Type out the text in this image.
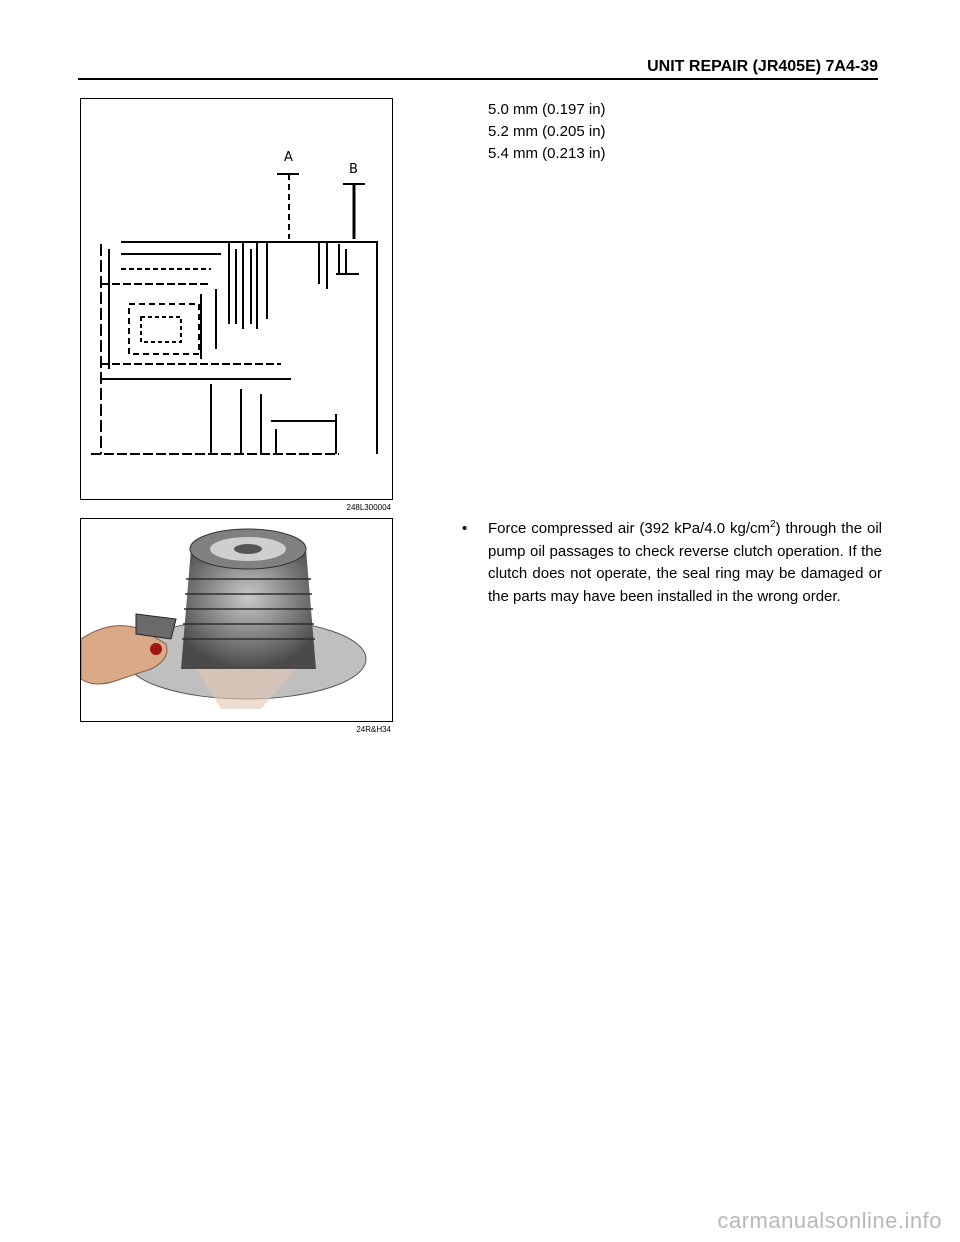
UNIT REPAIR (JR405E) 7A4-39
A
B
248L300004
24R&H34
5.0 mm (0.197 in)
5.2 mm (0.205 in)
5.4 mm (0.213 in)
• Force compressed air (392 kPa/4.0 $kg/cm^2$) through the oil pump oil passages to check reverse clutch operation. If the clutch does not operate, the seal ring may be damaged or the parts may have been installed in the wrong order.
carmanualsonline.info
